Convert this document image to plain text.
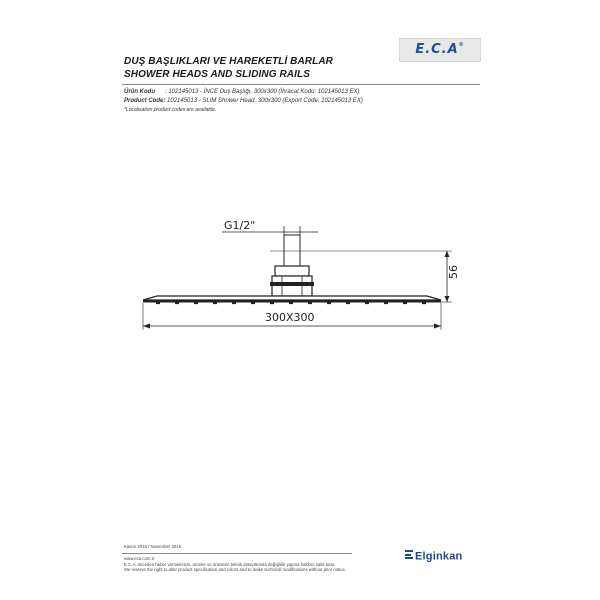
DUŞ BAŞLIKLARI VE HAREKETLİ BARLAR
SHOWER HEADS AND SLIDING RAILS
E.C.A®
Ürün Kodu : 102145013 - İNCE Duş Başlığı, 300x300 (İhracat Kodu: 102145013 EX)
Product Code: 102145013 - SLIM Shower Head, 300x300 (Export Code: 102145013 EX)
*Localisation product codes are available.
G1/2"
56
300X300
Kasım 2015 / November 2015
www.eca.com.tr
E.C.A. önceden haber vermeksizin, ürünler ve ürünlerin teknik detaylarında değişiklik yapma hakkını saklı tutar.
We reserve the right to alter product specification and colors and to make technical modifications without prior notice.
Elginkan
